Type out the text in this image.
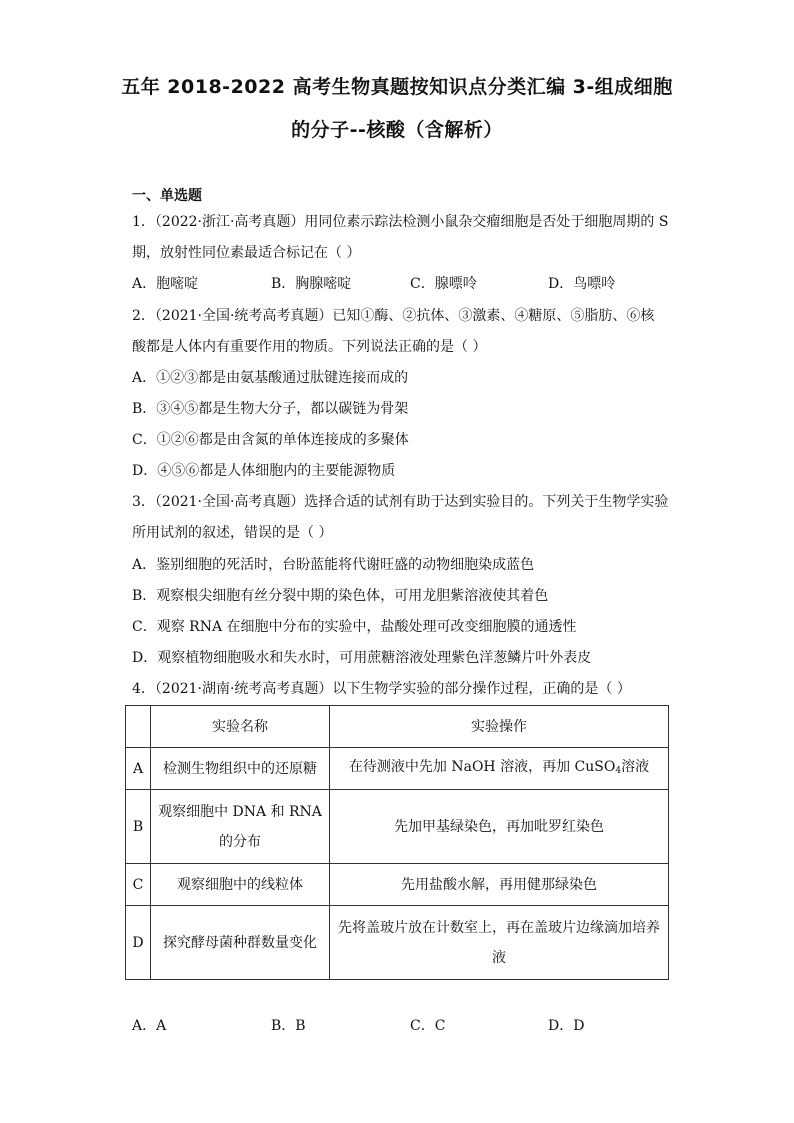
五年 2018-2022 高考生物真题按知识点分类汇编 3-组成细胞
的分子--核酸（含解析）
一、单选题
1．（2022·浙江·高考真题）用同位素示踪法检测小鼠杂交瘤细胞是否处于细胞周期的 S
期，放射性同位素最适合标记在（ ）
A．胞嘧啶	B．胸腺嘧啶	C．腺嘌呤	D．鸟嘌呤
2．（2021·全国·统考高考真题）已知①酶、②抗体、③激素、④糖原、⑤脂肪、⑥核
酸都是人体内有重要作用的物质。下列说法正确的是（ ）
A．①②③都是由氨基酸通过肽键连接而成的
B．③④⑤都是生物大分子，都以碳链为骨架
C．①②⑥都是由含氮的单体连接成的多聚体
D．④⑤⑥都是人体细胞内的主要能源物质
3．（2021·全国·高考真题）选择合适的试剂有助于达到实验目的。下列关于生物学实验
所用试剂的叙述，错误的是（ ）
A．鉴别细胞的死活时，台盼蓝能将代谢旺盛的动物细胞染成蓝色
B．观察根尖细胞有丝分裂中期的染色体，可用龙胆紫溶液使其着色
C．观察 RNA 在细胞中分布的实验中，盐酸处理可改变细胞膜的通透性
D．观察植物细胞吸水和失水时，可用蔗糖溶液处理紫色洋葱鳞片叶外表皮
4．（2021·湖南·统考高考真题）以下生物学实验的部分操作过程，正确的是（ ）
	实验名称	实验操作
A	检测生物组织中的还原糖	在待测液中先加 NaOH 溶液，再加 CuSO$_4$溶液
B	观察细胞中 DNA 和 RNA
的分布	先加甲基绿染色，再加吡罗红染色
C	观察细胞中的线粒体	先用盐酸水解，再用健那绿染色
D	探究酵母菌种群数量变化	先将盖玻片放在计数室上，再在盖玻片边缘滴加培养
液
A．A	B．B	C．C	D．D
